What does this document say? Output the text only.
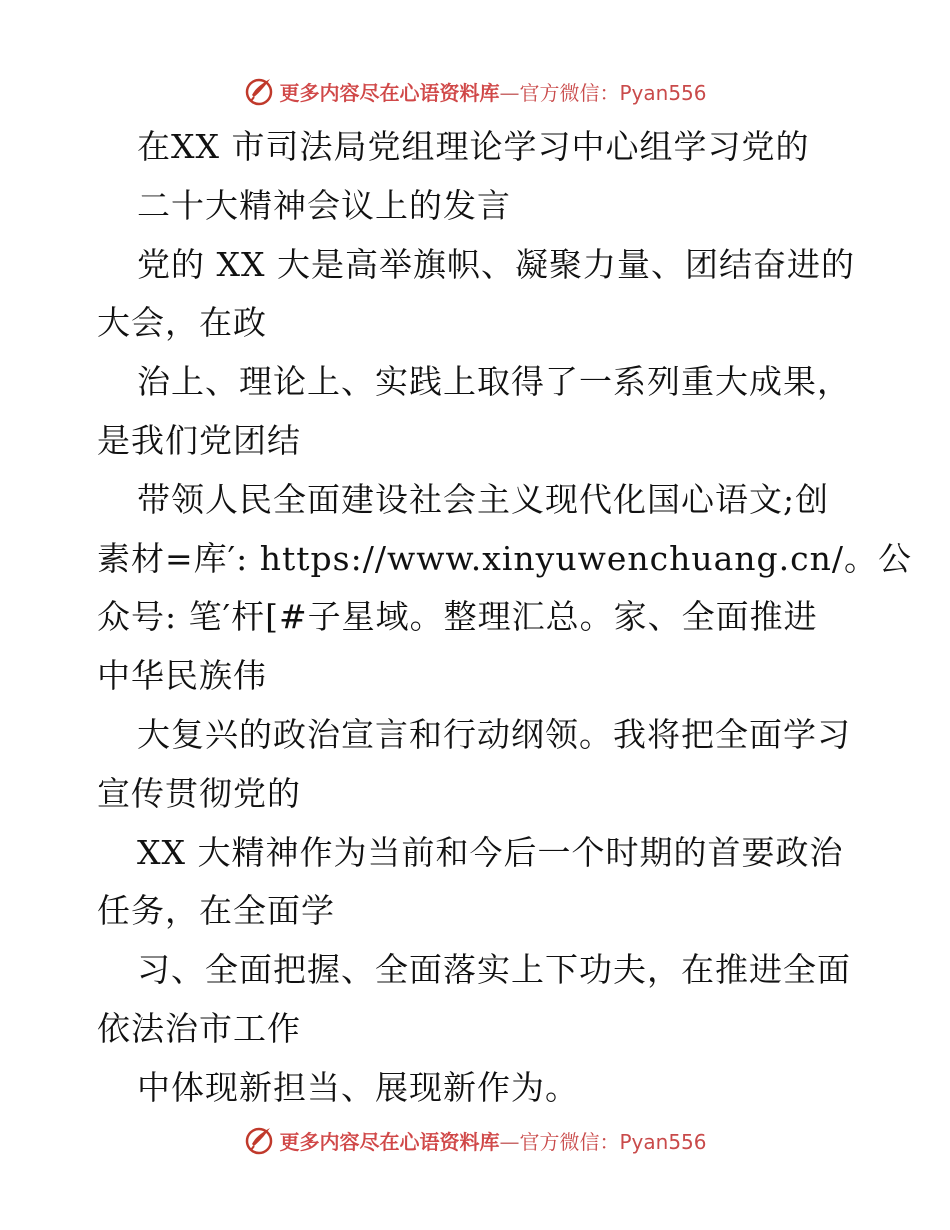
更多内容尽在心语资料库—官方微信：Pyan556
在XX 市司法局党组理论学习中心组学习党的
二十大精神会议上的发言
党的 XX 大是高举旗帜、凝聚力量、团结奋进的
大会，在政
治上、理论上、实践上取得了一系列重大成果，
是我们党团结
带领人民全面建设社会主义现代化国心语文;创
素材=库′: https://www.xinyuwenchuang.cn/。公
众号: 笔′杆[#子星域。整理汇总。家、全面推进
中华民族伟
大复兴的政治宣言和行动纲领。我将把全面学习
宣传贯彻党的
XX 大精神作为当前和今后一个时期的首要政治
任务，在全面学
习、全面把握、全面落实上下功夫，在推进全面
依法治市工作
中体现新担当、展现新作为。
更多内容尽在心语资料库—官方微信：Pyan556
